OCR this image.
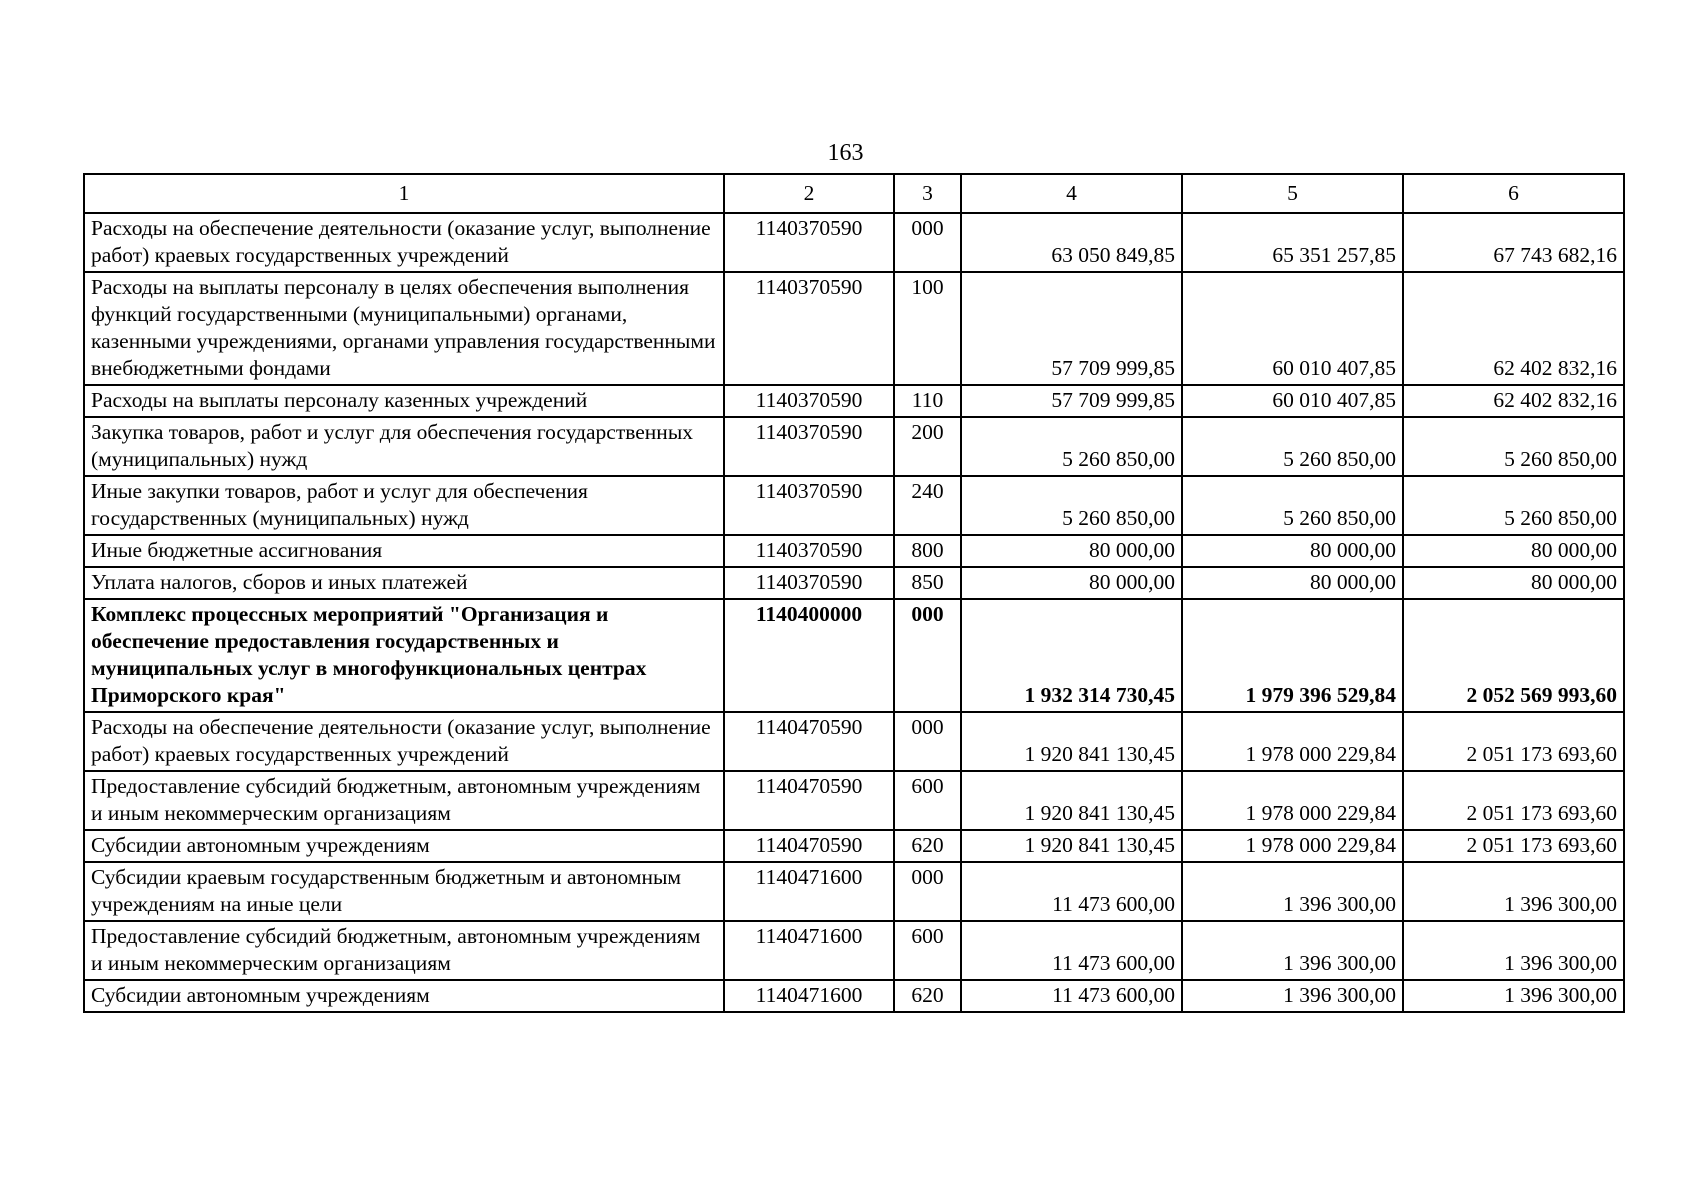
163
1	2	3	4	5	6
Расходы на обеспечение деятельности (оказание услуг, выполнение работ) краевых государственных учреждений	1140370590	000	63 050 849,85	65 351 257,85	67 743 682,16
Расходы на выплаты персоналу в целях обеспечения выполнения функций государственными (муниципальными) органами, казенными учреждениями, органами управления государственными внебюджетными фондами	1140370590	100	57 709 999,85	60 010 407,85	62 402 832,16
Расходы на выплаты персоналу казенных учреждений	1140370590	110	57 709 999,85	60 010 407,85	62 402 832,16
Закупка товаров, работ и услуг для обеспечения государственных (муниципальных) нужд	1140370590	200	5 260 850,00	5 260 850,00	5 260 850,00
Иные закупки товаров, работ и услуг для обеспечения государственных (муниципальных) нужд	1140370590	240	5 260 850,00	5 260 850,00	5 260 850,00
Иные бюджетные ассигнования	1140370590	800	80 000,00	80 000,00	80 000,00
Уплата налогов, сборов и иных платежей	1140370590	850	80 000,00	80 000,00	80 000,00
Комплекс процессных мероприятий "Организация и обеспечение предоставления государственных и муниципальных услуг в многофункциональных центрах Приморского края"	1140400000	000	1 932 314 730,45	1 979 396 529,84	2 052 569 993,60
Расходы на обеспечение деятельности (оказание услуг, выполнение работ) краевых государственных учреждений	1140470590	000	1 920 841 130,45	1 978 000 229,84	2 051 173 693,60
Предоставление субсидий бюджетным, автономным учреждениям и иным некоммерческим организациям	1140470590	600	1 920 841 130,45	1 978 000 229,84	2 051 173 693,60
Субсидии автономным учреждениям	1140470590	620	1 920 841 130,45	1 978 000 229,84	2 051 173 693,60
Субсидии краевым государственным бюджетным и автономным учреждениям на иные цели	1140471600	000	11 473 600,00	1 396 300,00	1 396 300,00
Предоставление субсидий бюджетным, автономным учреждениям и иным некоммерческим организациям	1140471600	600	11 473 600,00	1 396 300,00	1 396 300,00
Субсидии автономным учреждениям	1140471600	620	11 473 600,00	1 396 300,00	1 396 300,00
